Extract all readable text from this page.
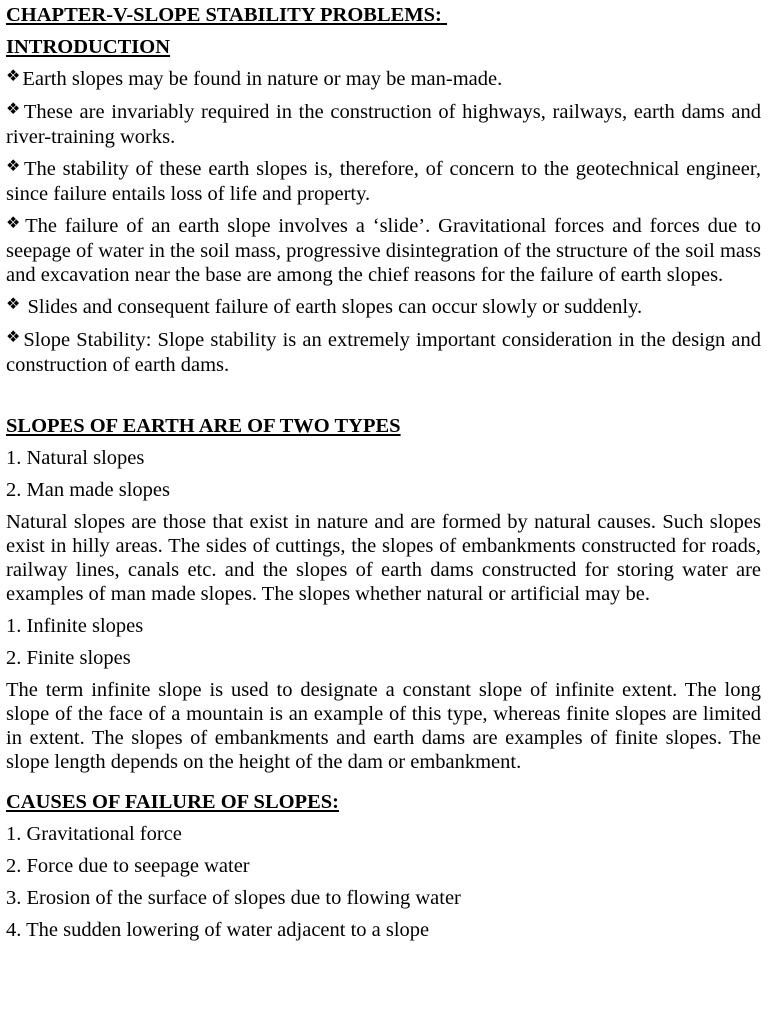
CHAPTER-V-SLOPE STABILITY PROBLEMS:
INTRODUCTION
❖Earth slopes may be found in nature or may be man-made.
❖These are invariably required in the construction of highways, railways, earth dams and river-training works.
❖The stability of these earth slopes is, therefore, of concern to the geotechnical engineer, since failure entails loss of life and property.
❖The failure of an earth slope involves a ‘slide’. Gravitational forces and forces due to seepage of water in the soil mass, progressive disintegration of the structure of the soil mass and excavation near the base are among the chief reasons for the failure of earth slopes.
❖ Slides and consequent failure of earth slopes can occur slowly or suddenly.
❖Slope Stability: Slope stability is an extremely important consideration in the design and construction of earth dams.
SLOPES OF EARTH ARE OF TWO TYPES
1. Natural slopes
2. Man made slopes
Natural slopes are those that exist in nature and are formed by natural causes. Such slopes exist in hilly areas. The sides of cuttings, the slopes of embankments constructed for roads, railway lines, canals etc. and the slopes of earth dams constructed for storing water are examples of man made slopes. The slopes whether natural or artificial may be.
1. Infinite slopes
2. Finite slopes
The term infinite slope is used to designate a constant slope of infinite extent. The long slope of the face of a mountain is an example of this type, whereas finite slopes are limited in extent. The slopes of embankments and earth dams are examples of finite slopes. The slope length depends on the height of the dam or embankment.
CAUSES OF FAILURE OF SLOPES:
1. Gravitational force
2. Force due to seepage water
3. Erosion of the surface of slopes due to flowing water
4. The sudden lowering of water adjacent to a slope
